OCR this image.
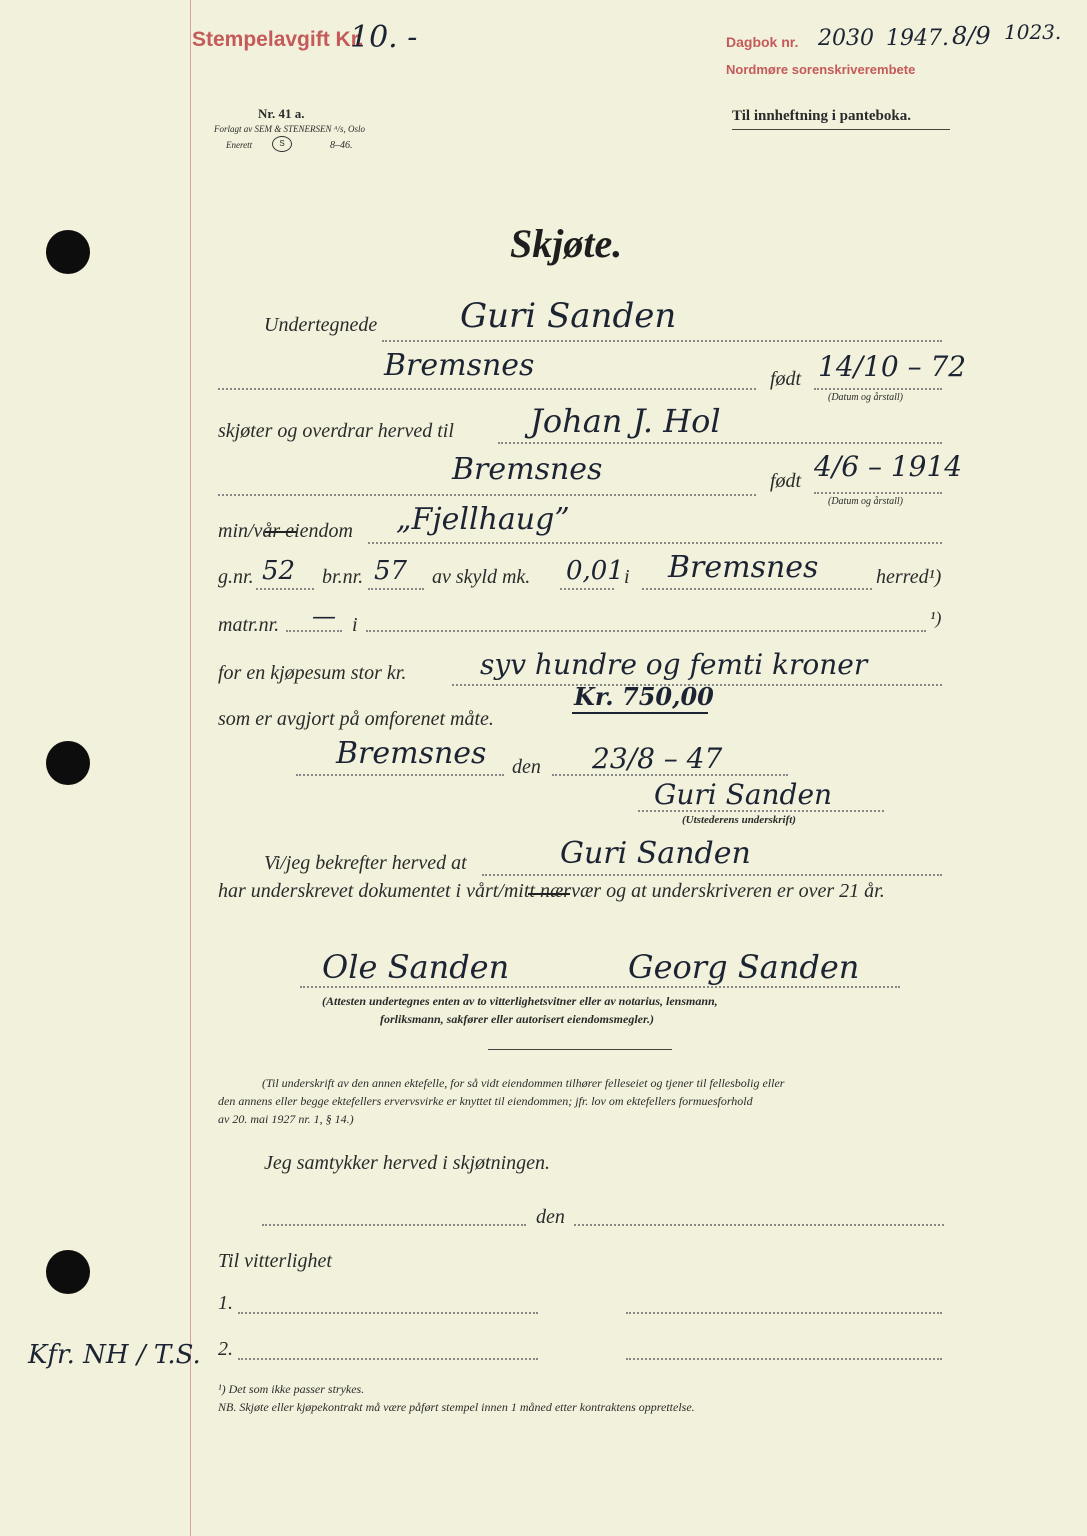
Stempelavgift Kr.
10. -
Nr. 41 a.
Forlagt av SEM & STENERSEN ᴬ/s, Oslo
Enerett	S	8–46.
Dagbok nr. 2030 1947. 8/9 1023.
Nordmøre sorenskriverembete
Til innheftning i panteboka.
Skjøte.
Undertegnede Guri Sanden
Bremsnes	født 14/10 – 72
(Datum og årstall)
skjøter og overdrar herved til Johan J. Hol
Bremsnes	født 4/6 – 1914
(Datum og årstall)
min/vår eiendom „Fjellhaug”
g.nr. 52 br.nr. 57 av skyld mk. 0,01 i Bremsnes	herred¹)
matr.nr. — i	¹)
for en kjøpesum stor kr.	syv hundre og femti kroner
Kr. 750,00
som er avgjort på omforenet måte.
Bremsnes den 23/8 – 47
Guri Sanden
(Utstederens underskrift)
Vi/jeg bekrefter herved at	Guri Sanden
har underskrevet dokumentet i vårt/mitt nærvær og at underskriveren er over 21 år.
Ole Sanden	Georg Sanden
(Attesten undertegnes enten av to vitterlighetsvitner eller av notarius, lensmann,
forliksmann, sakfører eller autorisert eiendomsmegler.)
(Til underskrift av den annen ektefelle, for så vidt eiendommen tilhører felleseiet og tjener til fellesbolig eller
den annens eller begge ektefellers ervervsvirke er knyttet til eiendommen; jfr. lov om ektefellers formuesforhold
av 20. mai 1927 nr. 1, § 14.)
Jeg samtykker herved i skjøtningen.
den
Til vitterlighet
1.
2.
¹) Det som ikke passer strykes.
NB. Skjøte eller kjøpekontrakt må være påført stempel innen 1 måned etter kontraktens opprettelse.
Kfr. NH / T.S.
